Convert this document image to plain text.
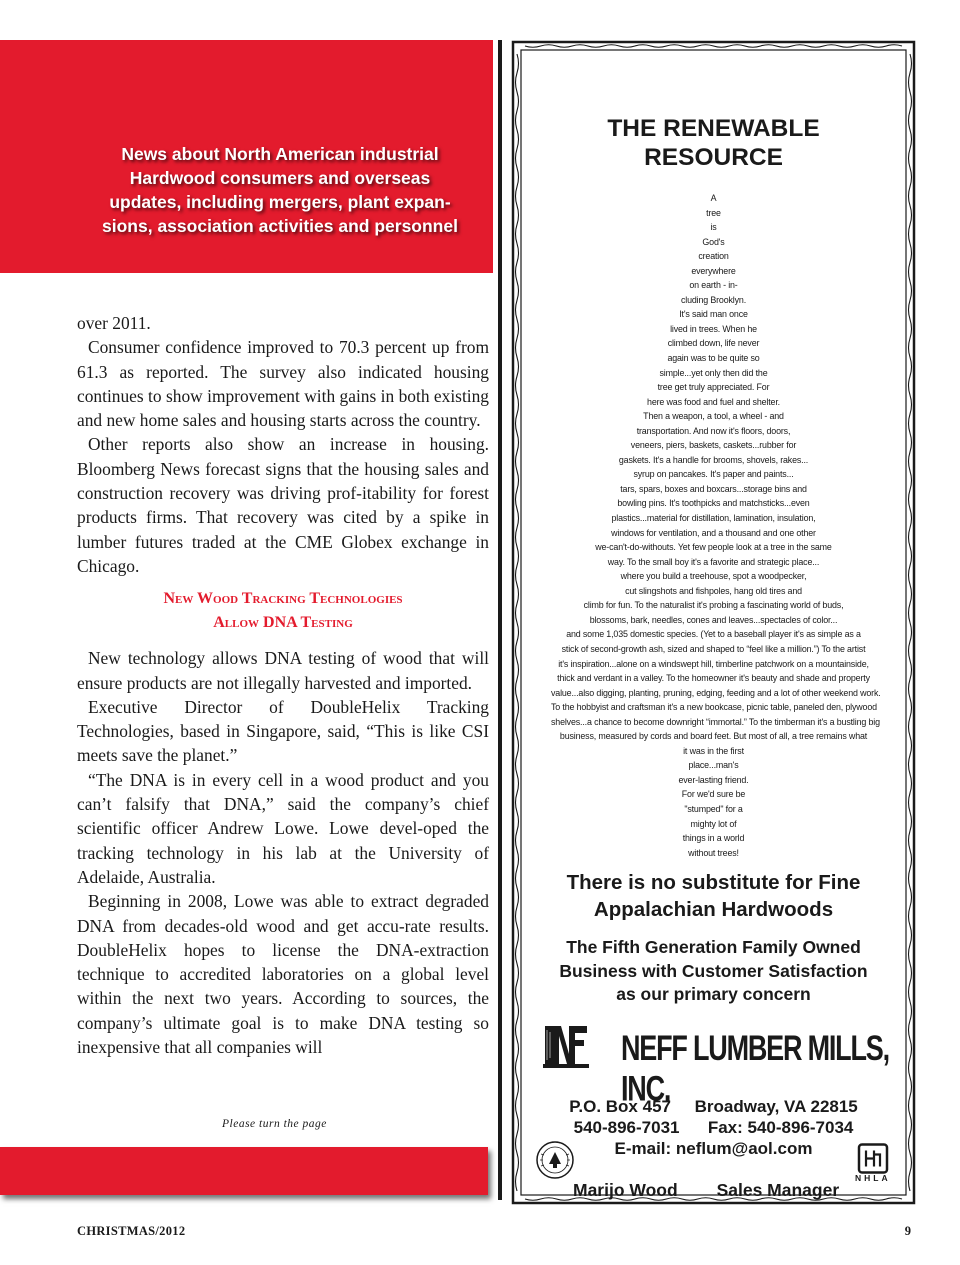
News about North American industrial
Hardwood consumers and overseas
updates, including mergers, plant expan-
sions, association activities and personnel

over 2011.

Consumer confidence improved to 70.3 percent up from 61.3 as reported. The survey also indicated housing continues to show improvement with gains in both existing and new home sales and housing starts across the country.

Other reports also show an increase in housing. Bloomberg News forecast signs that the housing sales and construction recovery was driving prof-itability for forest products firms. That recovery was cited by a spike in lumber futures traded at the CME Globex exchange in Chicago.

New Wood Tracking Technologies
Allow DNA Testing

New technology allows DNA testing of wood that will ensure products are not illegally harvested and imported.

Executive Director of DoubleHelix Tracking Technologies, based in Singapore, said, “This is like CSI meets save the planet.”

“The DNA is in every cell in a wood product and you can’t falsify that DNA,” said the company’s chief scientific officer Andrew Lowe. Lowe devel-oped the tracking technology in his lab at the University of Adelaide, Australia.

Beginning in 2008, Lowe was able to extract degraded DNA from decades-old wood and get accu-rate results. DoubleHelix hopes to license the DNA-extraction technique to accredited laboratories on a global level within the next two years. According to sources, the company’s ultimate goal is to make DNA testing so inexpensive that all companies will

Please turn the page
CHRISTMAS/2012	9
THE RENEWABLE
RESOURCE
A
tree
is
God's
creation
everywhere
on earth - in-
cluding Brooklyn.
It's said man once
lived in trees. When he
climbed down, life never
again was to be quite so
simple...yet only then did the
tree get truly appreciated. For
here was food and fuel and shelter.
Then a weapon, a tool, a wheel - and
transportation. And now it's floors, doors,
veneers, piers, baskets, caskets...rubber for
gaskets. It's a handle for brooms, shovels, rakes...
syrup on pancakes. It's paper and paints...
tars, spars, boxes and boxcars...storage bins and
bowling pins. It's toothpicks and matchsticks...even
plastics...material for distillation, lamination, insulation,
windows for ventilation, and a thousand and one other
we-can't-do-withouts. Yet few people look at a tree in the same
way. To the small boy it's a favorite and strategic place...
where you build a treehouse, spot a woodpecker,
cut slingshots and fishpoles, hang old tires and
climb for fun. To the naturalist it's probing a fascinating world of buds,
blossoms, bark, needles, cones and leaves...spectacles of color...
and some 1,035 domestic species. (Yet to a baseball player it's as simple as a
stick of second-growth ash, sized and shaped to “feel like a million.”) To the artist
it's inspiration...alone on a windswept hill, timberline patchwork on a mountainside,
thick and verdant in a valley. To the homeowner it's beauty and shade and property
value...also digging, planting, pruning, edging, feeding and a lot of other weekend work.
To the hobbyist and craftsman it's a new bookcase, picnic table, paneled den, plywood
shelves...a chance to become downright “immortal.” To the timberman it's a bustling big
business, measured by cords and board feet. But most of all, a tree remains what
it was in the first
place...man's
ever-lasting friend.
For we'd sure be
"stumped" for a
mighty lot of
things in a world
without trees!
There is no substitute for Fine
Appalachian Hardwoods
The Fifth Generation Family Owned
Business with Customer Satisfaction
as our primary concern
NEFF LUMBER MILLS, INC.
P.O. Box 457 Broadway, VA 22815
540-896-7031 Fax: 540-896-7034
E-mail: neflum@aol.com
NHLA
Marijo Wood Sales Manager
